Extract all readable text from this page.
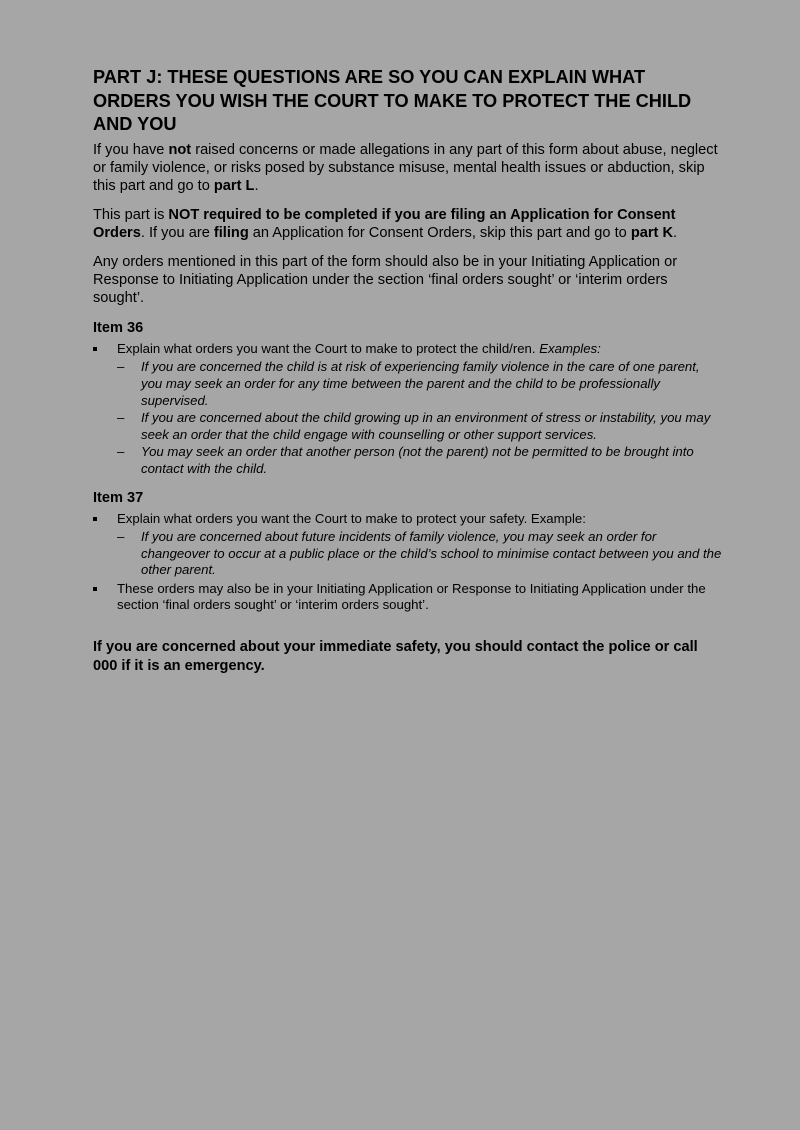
PART J: THESE QUESTIONS ARE SO YOU CAN EXPLAIN WHAT ORDERS YOU WISH THE COURT TO MAKE TO PROTECT THE CHILD AND YOU

If you have not raised concerns or made allegations in any part of this form about abuse, neglect or family violence, or risks posed by substance misuse, mental health issues or abduction, skip this part and go to part L.

This part is NOT required to be completed if you are filing an Application for Consent Orders. If you are filing an Application for Consent Orders, skip this part and go to part K.

Any orders mentioned in this part of the form should also be in your Initiating Application or Response to Initiating Application under the section ‘final orders sought’ or ‘interim orders sought’.

Item 36
Explain what orders you want the Court to make to protect the child/ren. Examples:
– If you are concerned the child is at risk of experiencing family violence in the care of one parent, you may seek an order for any time between the parent and the child to be professionally supervised.
– If you are concerned about the child growing up in an environment of stress or instability, you may seek an order that the child engage with counselling or other support services.
– You may seek an order that another person (not the parent) not be permitted to be brought into contact with the child.
Item 37
Explain what orders you want the Court to make to protect your safety. Example:
– If you are concerned about future incidents of family violence, you may seek an order for changeover to occur at a public place or the child’s school to minimise contact between you and the other parent.
These orders may also be in your Initiating Application or Response to Initiating Application under the section ‘final orders sought’ or ‘interim orders sought’.

If you are concerned about your immediate safety, you should contact the police or call 000 if it is an emergency.
